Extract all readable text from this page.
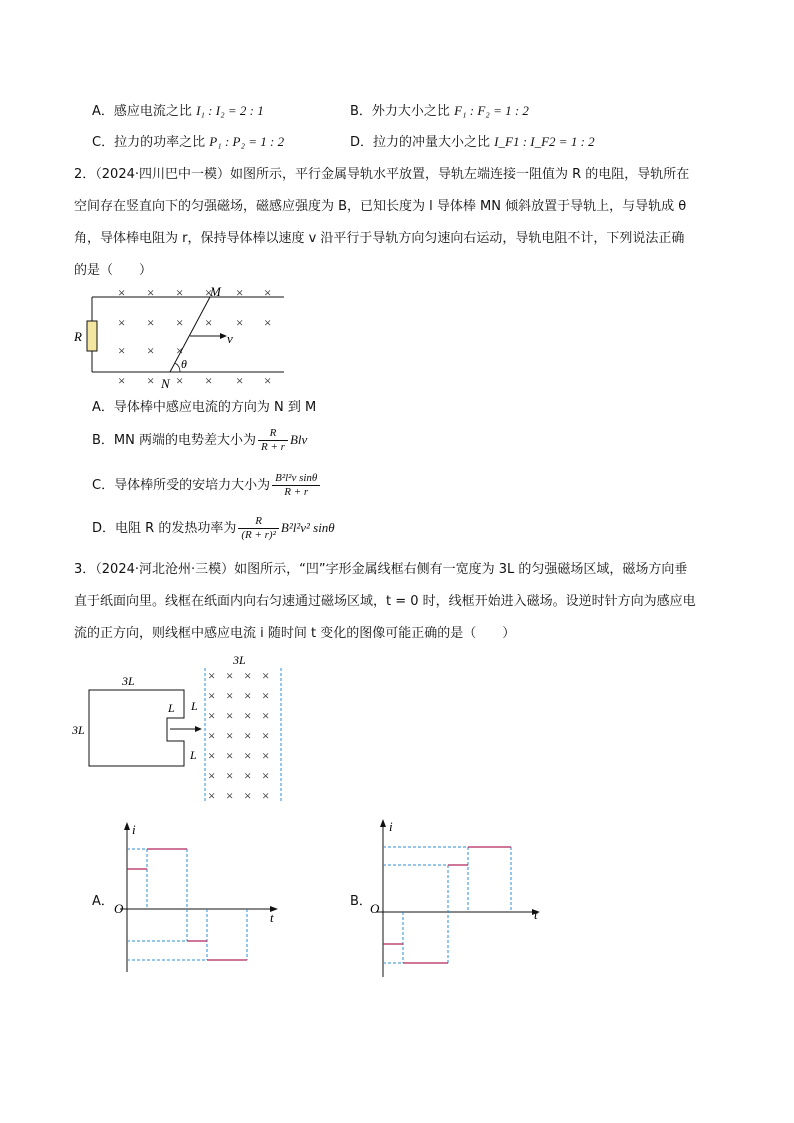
A．感应电流之比 I₁ : I₂ = 2 : 1	B．外力大小之比 F₁ : F₂ = 1 : 2
C．拉力的功率之比 P₁ : P₂ = 1 : 2	D．拉力的冲量大小之比 I_F1 : I_F2 = 1 : 2
2．（2024·四川巴中一模）如图所示，平行金属导轨水平放置，导轨左端连接一阻值为 R 的电阻，导轨所在
空间存在竖直向下的匀强磁场，磁感应强度为 B，已知长度为 l 导体棒 MN 倾斜放置于导轨上，与导轨成 θ
角，导体棒电阻为 r，保持导体棒以速度 v 沿平行于导轨方向匀速向右运动，导轨电阻不计，下列说法正确
的是（　　）
R
× × × × × ×
× × × × × ×
× × ×
× × × × × ×
M
N
θ
v
A．导体棒中感应电流的方向为 N 到 M
B．MN 两端的电势差大小为 $\frac{R}{R + r}$ Blv
C．导体棒所受的安培力大小为 $\frac{\text{B²l²v sinθ}}{R + r}$
D．电阻 R 的发热功率为 $\frac{R}{\text{(R + r)²}} B^2l^2v^2$ sinθ
3．（2024·河北沧州·三模）如图所示，“凹”字形金属线框右侧有一宽度为 3L 的匀强磁场区域，磁场方向垂
直于纸面向里。线框在纸面内向右匀速通过磁场区域，t = 0 时，线框开始进入磁场。设逆时针方向为感应电
流的正方向，则线框中感应电流 i 随时间 t 变化的图像可能正确的是（　　）
3L
3L
L L
L
3L
× × × ×
× × × ×
× × × ×
× × × ×
× × × ×
× × × ×
× × × ×
A．
i
t
O	B．
i
t
O
